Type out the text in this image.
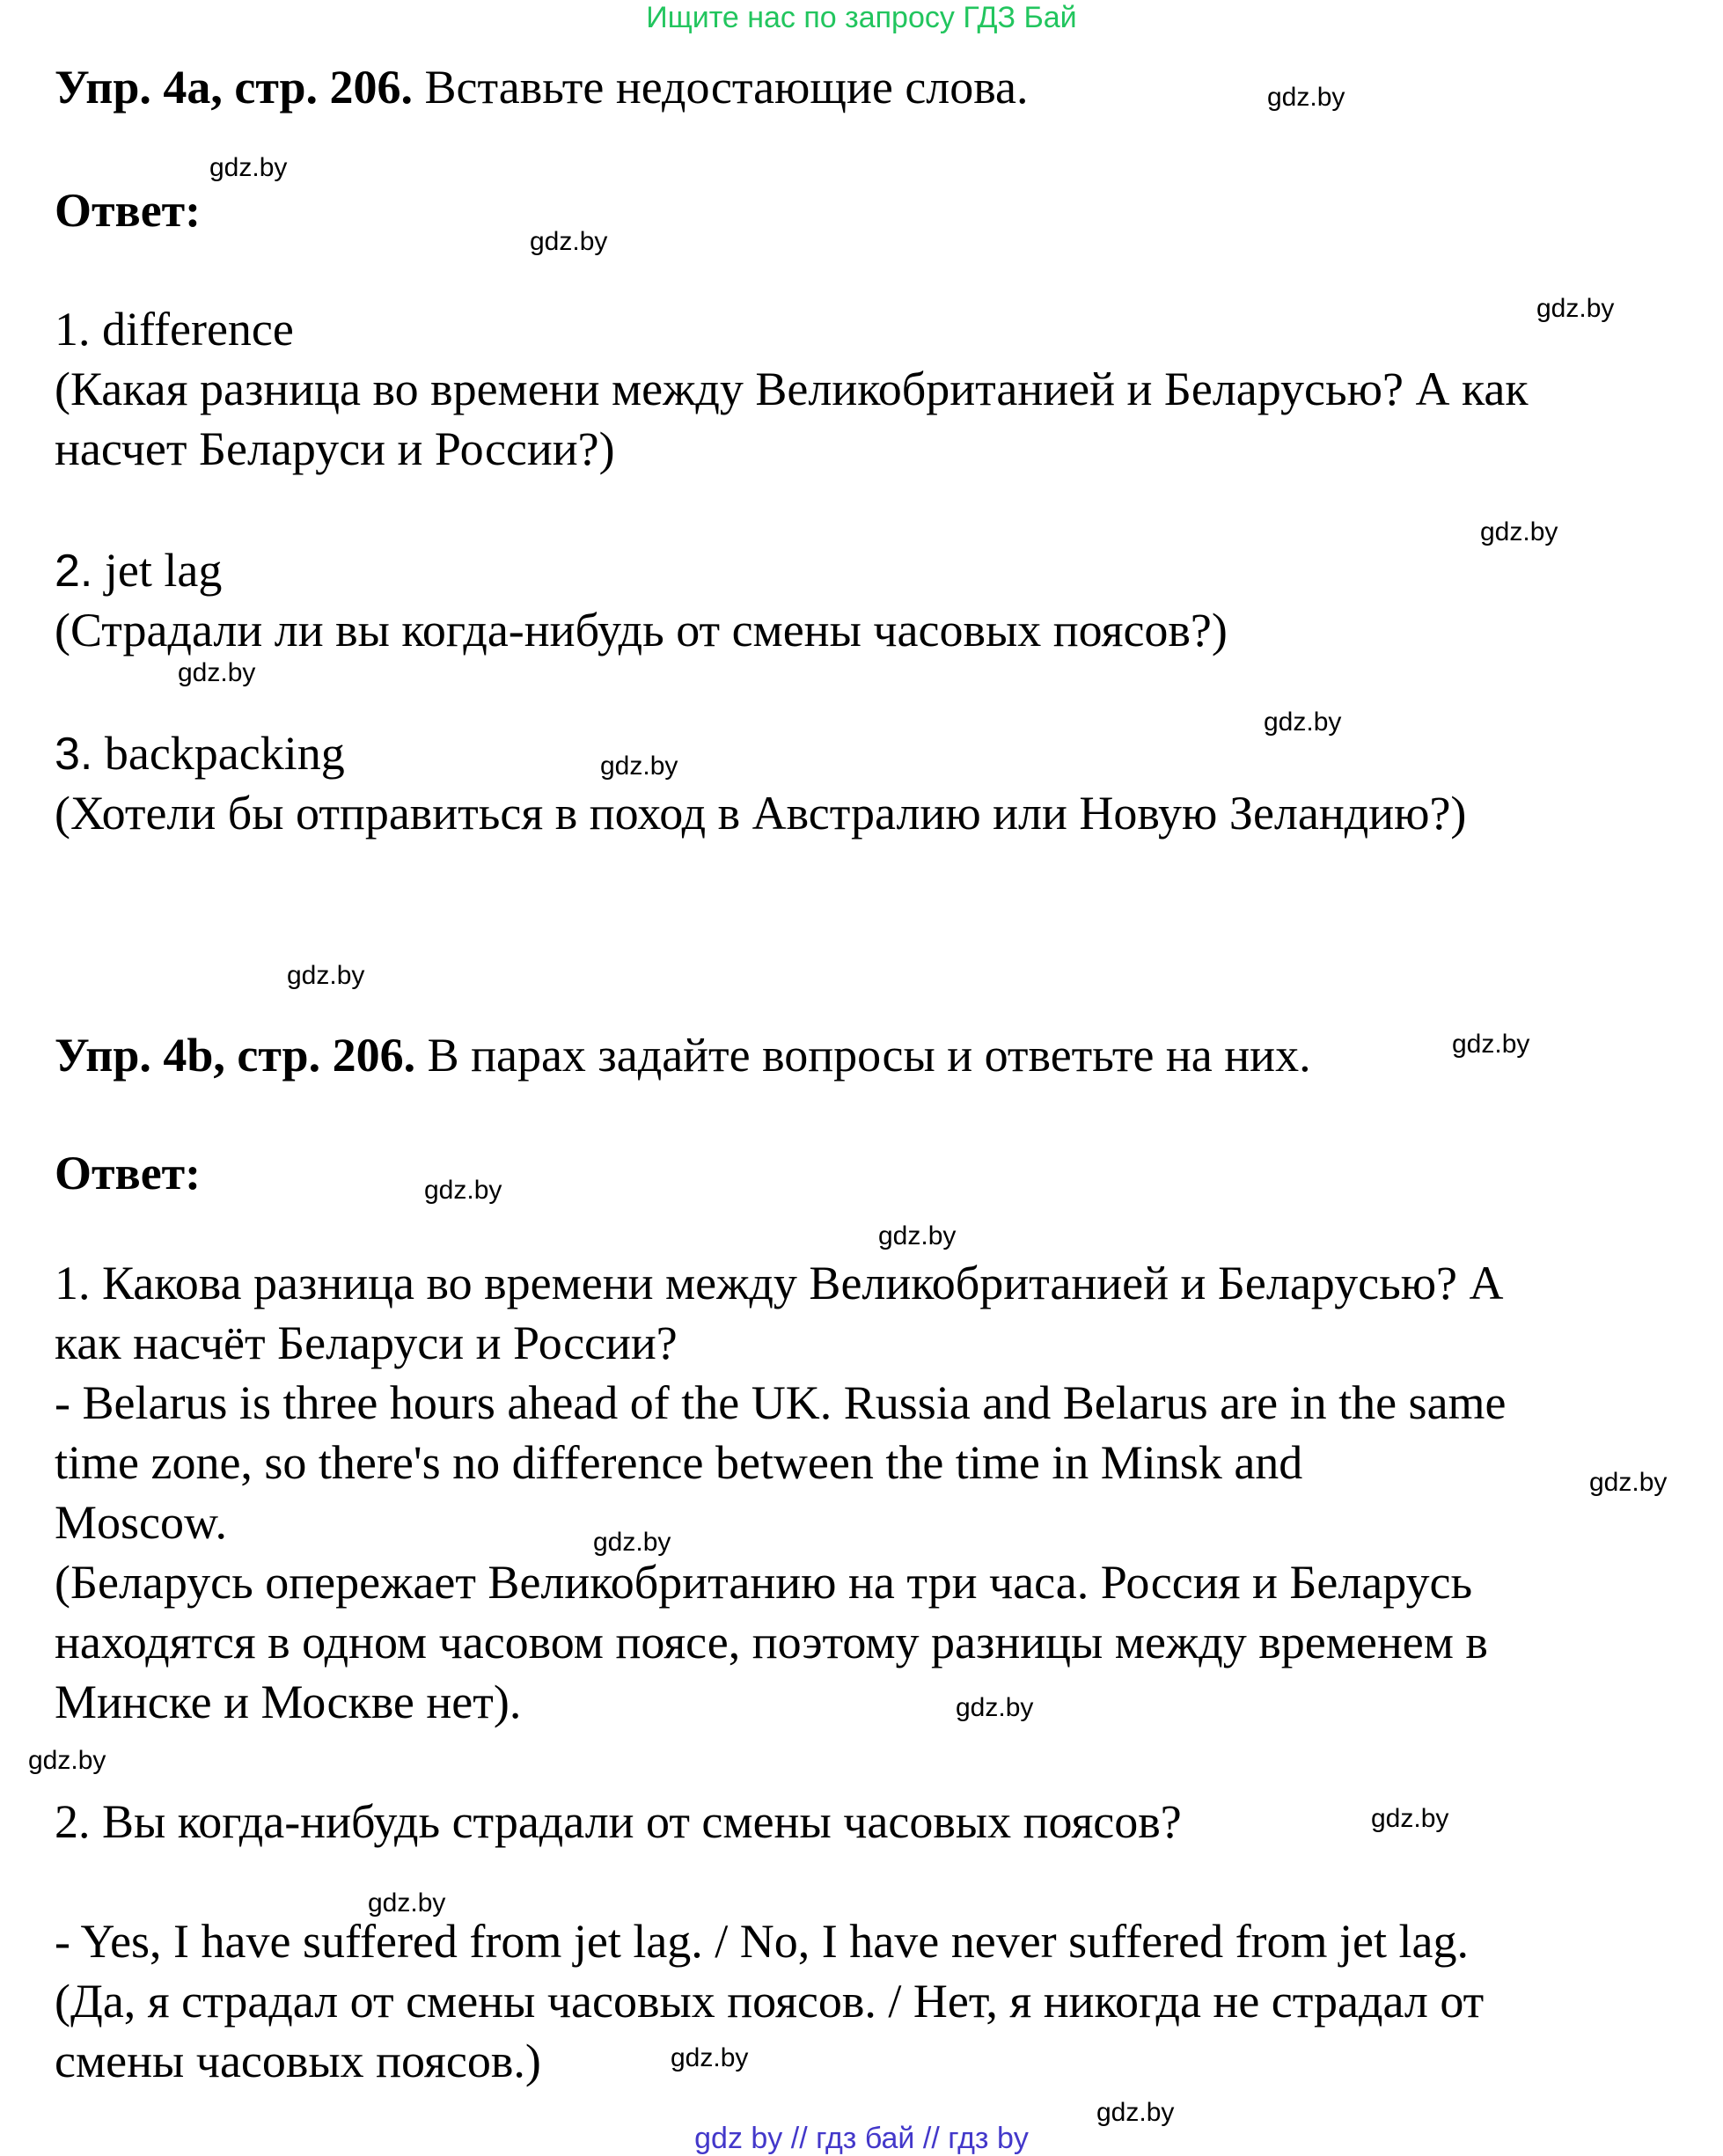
Ищите нас по запросу ГДЗ Бай
Упр. 4a, стр. 206. Вставьте недостающие слова.
Ответ:
1. difference
(Какая разница во времени между Великобританией и Беларусью? А как
насчет Беларуси и России?)
2. jet lag
(Страдали ли вы когда-нибудь от смены часовых поясов?)
3. backpacking
(Хотели бы отправиться в поход в Австралию или Новую Зеландию?)
Упр. 4b, стр. 206. В парах задайте вопросы и ответьте на них.
Ответ:
1. Какова разница во времени между Великобританией и Беларусью? А
как насчёт Беларуси и России?
- Belarus is three hours ahead of the UK. Russia and Belarus are in the same
time zone, so there's no difference between the time in Minsk and
Moscow.
(Беларусь опережает Великобританию на три часа. Россия и Беларусь
находятся в одном часовом поясе, поэтому разницы между временем в
Минске и Москве нет).
2. Вы когда-нибудь страдали от смены часовых поясов?
- Yes, I have suffered from jet lag. / No, I have never suffered from jet lag.
(Да, я страдал от смены часовых поясов. / Нет, я никогда не страдал от
смены часовых поясов.)
gdz.by
gdz.by
gdz.by
gdz.by
gdz.by
gdz.by
gdz.by
gdz.by
gdz.by
gdz.by
gdz.by
gdz.by
gdz.by
gdz.by
gdz.by
gdz.by
gdz.by
gdz.by
gdz.by
gdz.by
gdz by // гдз бай // гдз by
